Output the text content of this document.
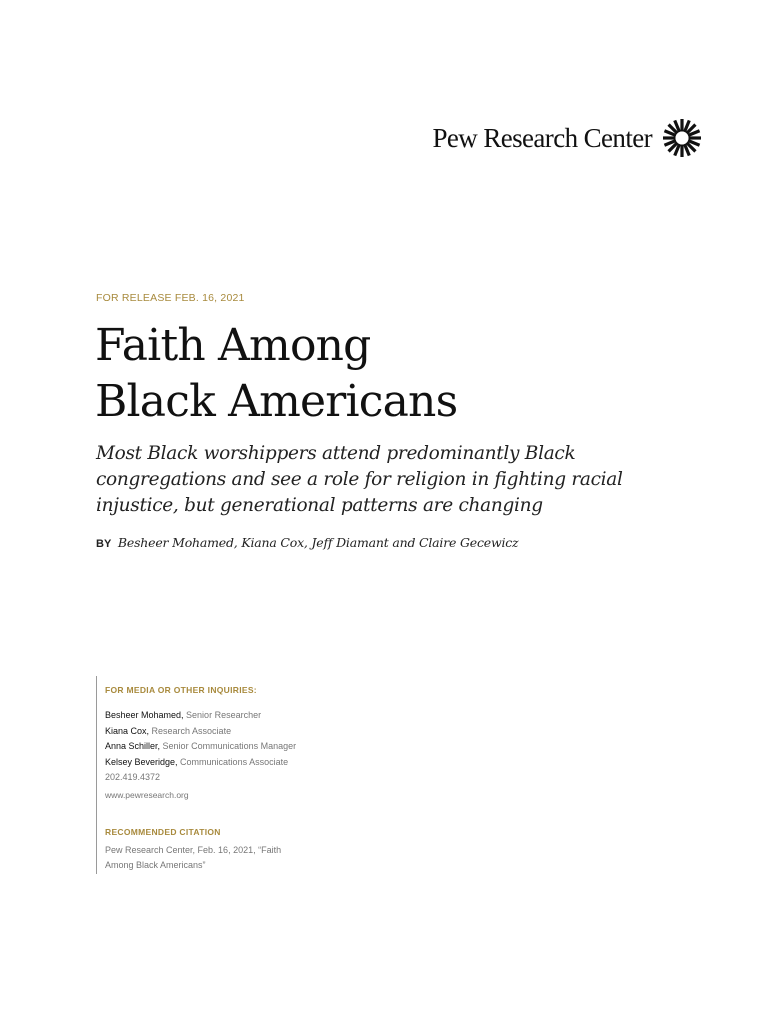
Pew Research Center
FOR RELEASE FEB. 16, 2021
Faith Among
Black Americans
Most Black worshippers attend predominantly Black
congregations and see a role for religion in fighting racial
injustice, but generational patterns are changing
BY Besheer Mohamed, Kiana Cox, Jeff Diamant and Claire Gecewicz
FOR MEDIA OR OTHER INQUIRIES:
Besheer Mohamed, Senior Researcher
Kiana Cox, Research Associate
Anna Schiller, Senior Communications Manager
Kelsey Beveridge, Communications Associate
202.419.4372
www.pewresearch.org
RECOMMENDED CITATION
Pew Research Center, Feb. 16, 2021, “Faith
Among Black Americans”
